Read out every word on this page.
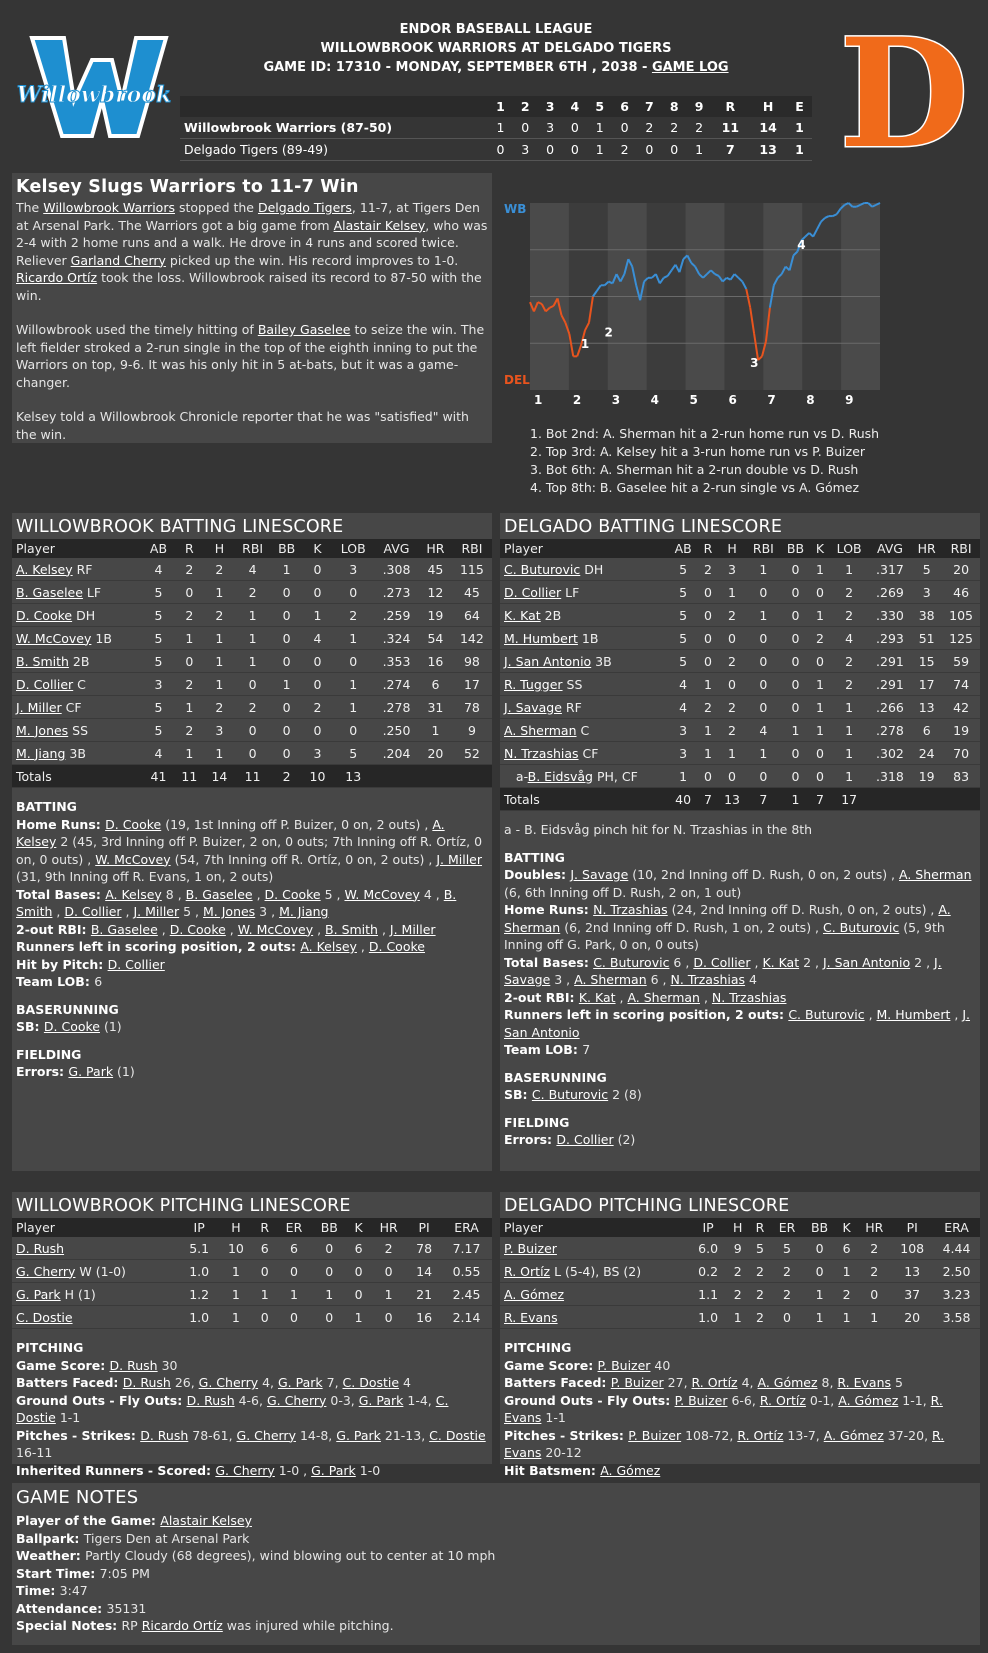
Willowbrook	D
ENDOR BASEBALL LEAGUE
WILLOWBROOK WARRIORS AT DELGADO TIGERS
GAME ID: 17310 - MONDAY, SEPTEMBER 6TH , 2038 - GAME LOG
	1	2	3	4	5	6	7	8	9	R	H	E
Willowbrook Warriors (87-50)	1	0	3	0	1	0	2	2	2	11	14	1
Delgado Tigers (89-49)	0	3	0	0	1	2	0	0	1	7	13	1
Kelsey Slugs Warriors to 11-7 Win

The Willowbrook Warriors stopped the Delgado Tigers, 11-7, at Tigers Den at Arsenal Park. The Warriors got a big game from Alastair Kelsey, who was 2-4 with 2 home runs and a walk. He drove in 4 runs and scored twice. Reliever Garland Cherry picked up the win. His record improves to 1-0. Ricardo Ortíz took the loss. Willowbrook raised its record to 87-50 with the win.

Willowbrook used the timely hitting of Bailey Gaselee to seize the win. The left fielder stroked a 2-run single in the top of the eighth inning to put the Warriors on top, 9-6. It was his only hit in 5 at-bats, but it was a game-changer.

Kelsey told a Willowbrook Chronicle reporter that he was "satisfied" with the win.

WB
DEL
1	2	3	4	5	6	7	8	9
1
2
3
4
1. Bot 2nd: A. Sherman hit a 2-run home run vs D. Rush
2. Top 3rd: A. Kelsey hit a 3-run home run vs P. Buizer
3. Bot 6th: A. Sherman hit a 2-run double vs D. Rush
4. Top 8th: B. Gaselee hit a 2-run single vs A. Gómez
WILLOWBROOK BATTING LINESCORE
Player	AB	R	H	RBI	BB	K	LOB	AVG	HR	RBI
A. Kelsey RF	4	2	2	4	1	0	3	.308	45	115
B. Gaselee LF	5	0	1	2	0	0	0	.273	12	45
D. Cooke DH	5	2	2	1	0	1	2	.259	19	64
W. McCovey 1B	5	1	1	1	0	4	1	.324	54	142
B. Smith 2B	5	0	1	1	0	0	0	.353	16	98
D. Collier C	3	2	1	0	1	0	1	.274	6	17
J. Miller CF	5	1	2	2	0	2	1	.278	31	78
M. Jones SS	5	2	3	0	0	0	0	.250	1	9
M. Jiang 3B	4	1	1	0	0	3	5	.204	20	52
Totals	41	11	14	11	2	10	13			
BATTING
Home Runs: D. Cooke (19, 1st Inning off P. Buizer, 0 on, 2 outs) , A. Kelsey 2 (45, 3rd Inning off P. Buizer, 2 on, 0 outs; 7th Inning off R. Ortíz, 0 on, 0 outs) , W. McCovey (54, 7th Inning off R. Ortíz, 0 on, 2 outs) , J. Miller (31, 9th Inning off R. Evans, 1 on, 2 outs)
Total Bases: A. Kelsey 8 , B. Gaselee , D. Cooke 5 , W. McCovey 4 , B. Smith , D. Collier , J. Miller 5 , M. Jones 3 , M. Jiang
2-out RBI: B. Gaselee , D. Cooke , W. McCovey , B. Smith , J. Miller
Runners left in scoring position, 2 outs: A. Kelsey , D. Cooke
Hit by Pitch: D. Collier
Team LOB: 6
BASERUNNING
SB: D. Cooke (1)
FIELDING
Errors: G. Park (1)
DELGADO BATTING LINESCORE
Player	AB	R	H	RBI	BB	K	LOB	AVG	HR	RBI
C. Buturovic DH	5	2	3	1	0	1	1	.317	5	20
D. Collier LF	5	0	1	0	0	0	2	.269	3	46
K. Kat 2B	5	0	2	1	0	1	2	.330	38	105
M. Humbert 1B	5	0	0	0	0	2	4	.293	51	125
J. San Antonio 3B	5	0	2	0	0	0	2	.291	15	59
R. Tugger SS	4	1	0	0	0	1	2	.291	17	74
J. Savage RF	4	2	2	0	0	1	1	.266	13	42
A. Sherman C	3	1	2	4	1	1	1	.278	6	19
N. Trzashias CF	3	1	1	1	0	0	1	.302	24	70
a-B. Eidsvåg PH, CF	1	0	0	0	0	0	1	.318	19	83
Totals	40	7	13	7	1	7	17			
a - B. Eidsvåg pinch hit for N. Trzashias in the 8th
BATTING
Doubles: J. Savage (10, 2nd Inning off D. Rush, 0 on, 2 outs) , A. Sherman (6, 6th Inning off D. Rush, 2 on, 1 out)
Home Runs: N. Trzashias (24, 2nd Inning off D. Rush, 0 on, 2 outs) , A. Sherman (6, 2nd Inning off D. Rush, 1 on, 2 outs) , C. Buturovic (5, 9th Inning off G. Park, 0 on, 0 outs)
Total Bases: C. Buturovic 6 , D. Collier , K. Kat 2 , J. San Antonio 2 , J. Savage 3 , A. Sherman 6 , N. Trzashias 4
2-out RBI: K. Kat , A. Sherman , N. Trzashias
Runners left in scoring position, 2 outs: C. Buturovic , M. Humbert , J. San Antonio
Team LOB: 7
BASERUNNING
SB: C. Buturovic 2 (8)
FIELDING
Errors: D. Collier (2)
WILLOWBROOK PITCHING LINESCORE
Player	IP	H	R	ER	BB	K	HR	PI	ERA
D. Rush	5.1	10	6	6	0	6	2	78	7.17
G. Cherry W (1-0)	1.0	1	0	0	0	0	0	14	0.55
G. Park H (1)	1.2	1	1	1	1	0	1	21	2.45
C. Dostie	1.0	1	0	0	0	1	0	16	2.14
PITCHING
Game Score: D. Rush 30
Batters Faced: D. Rush 26, G. Cherry 4, G. Park 7, C. Dostie 4
Ground Outs - Fly Outs: D. Rush 4-6, G. Cherry 0-3, G. Park 1-4, C. Dostie 1-1
Pitches - Strikes: D. Rush 78-61, G. Cherry 14-8, G. Park 21-13, C. Dostie 16-11
Inherited Runners - Scored: G. Cherry 1-0 , G. Park 1-0
DELGADO PITCHING LINESCORE
Player	IP	H	R	ER	BB	K	HR	PI	ERA
P. Buizer	6.0	9	5	5	0	6	2	108	4.44
R. Ortíz L (5-4), BS (2)	0.2	2	2	2	0	1	2	13	2.50
A. Gómez	1.1	2	2	2	1	2	0	37	3.23
R. Evans	1.0	1	2	0	1	1	1	20	3.58
PITCHING
Game Score: P. Buizer 40
Batters Faced: P. Buizer 27, R. Ortíz 4, A. Gómez 8, R. Evans 5
Ground Outs - Fly Outs: P. Buizer 6-6, R. Ortíz 0-1, A. Gómez 1-1, R. Evans 1-1
Pitches - Strikes: P. Buizer 108-72, R. Ortíz 13-7, A. Gómez 37-20, R. Evans 20-12
Hit Batsmen: A. Gómez
GAME NOTES
Player of the Game: Alastair Kelsey
Ballpark: Tigers Den at Arsenal Park
Weather: Partly Cloudy (68 degrees), wind blowing out to center at 10 mph
Start Time: 7:05 PM
Time: 3:47
Attendance: 35131
Special Notes: RP Ricardo Ortíz was injured while pitching.
